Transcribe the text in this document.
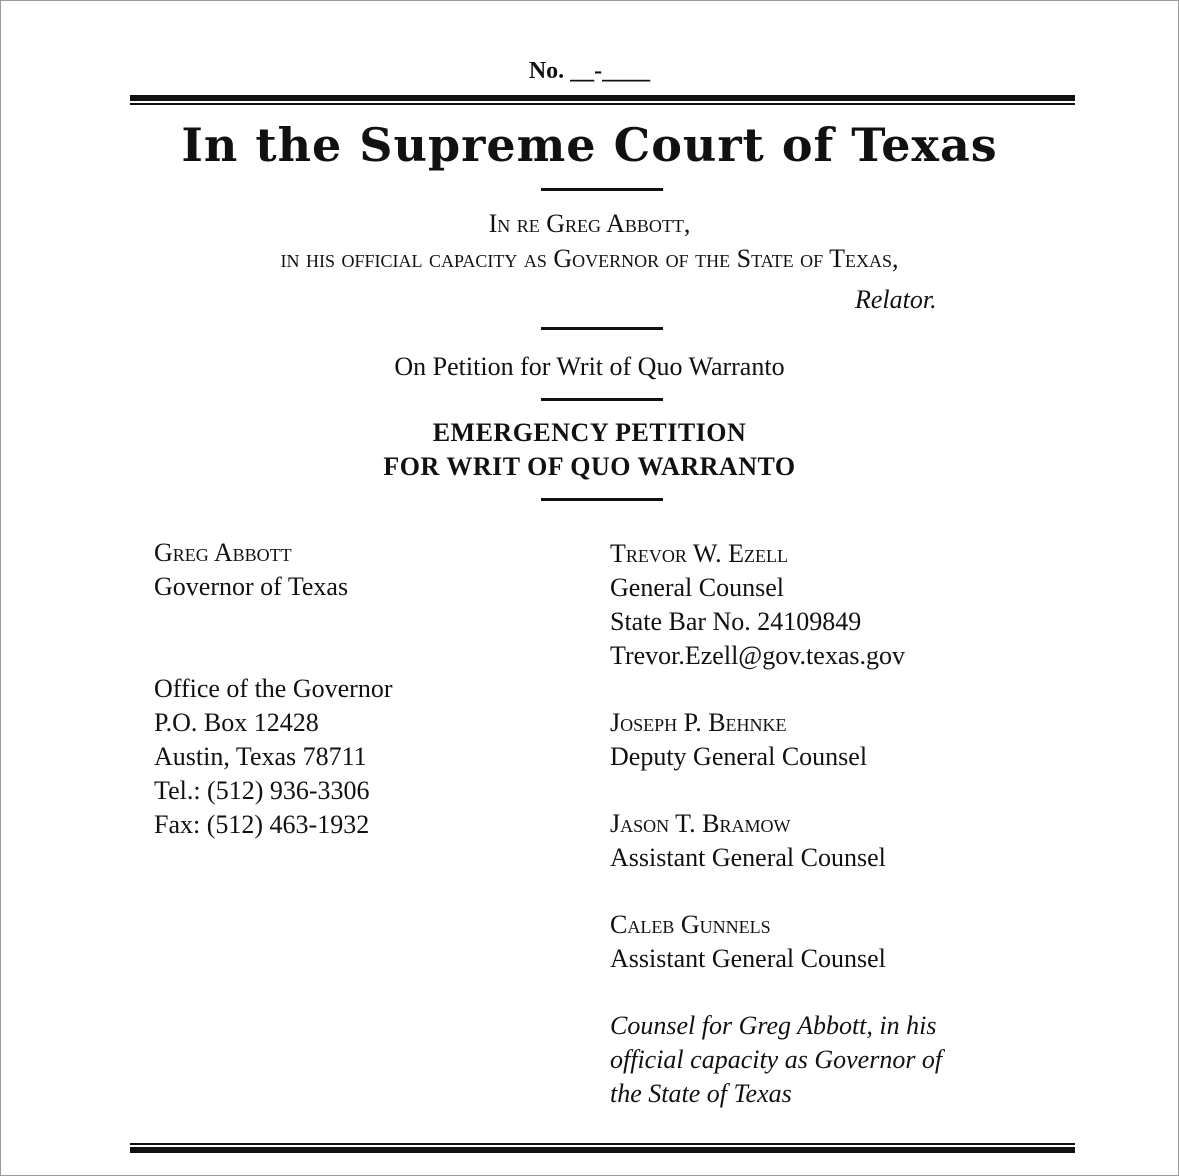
No. __-____
In the Supreme Court of Texas
In re Greg Abbott,
in his official capacity as Governor of the State of Texas,
Relator.
On Petition for Writ of Quo Warranto
EMERGENCY PETITION
FOR WRIT OF QUO WARRANTO
Greg Abbott
Governor of Texas
Office of the Governor
P.O. Box 12428
Austin, Texas 78711
Tel.: (512) 936-3306
Fax: (512) 463-1932
Trevor W. Ezell
General Counsel
State Bar No. 24109849
Trevor.Ezell@gov.texas.gov
Joseph P. Behnke
Deputy General Counsel
Jason T. Bramow
Assistant General Counsel
Caleb Gunnels
Assistant General Counsel
Counsel for Greg Abbott, in his
official capacity as Governor of
the State of Texas
